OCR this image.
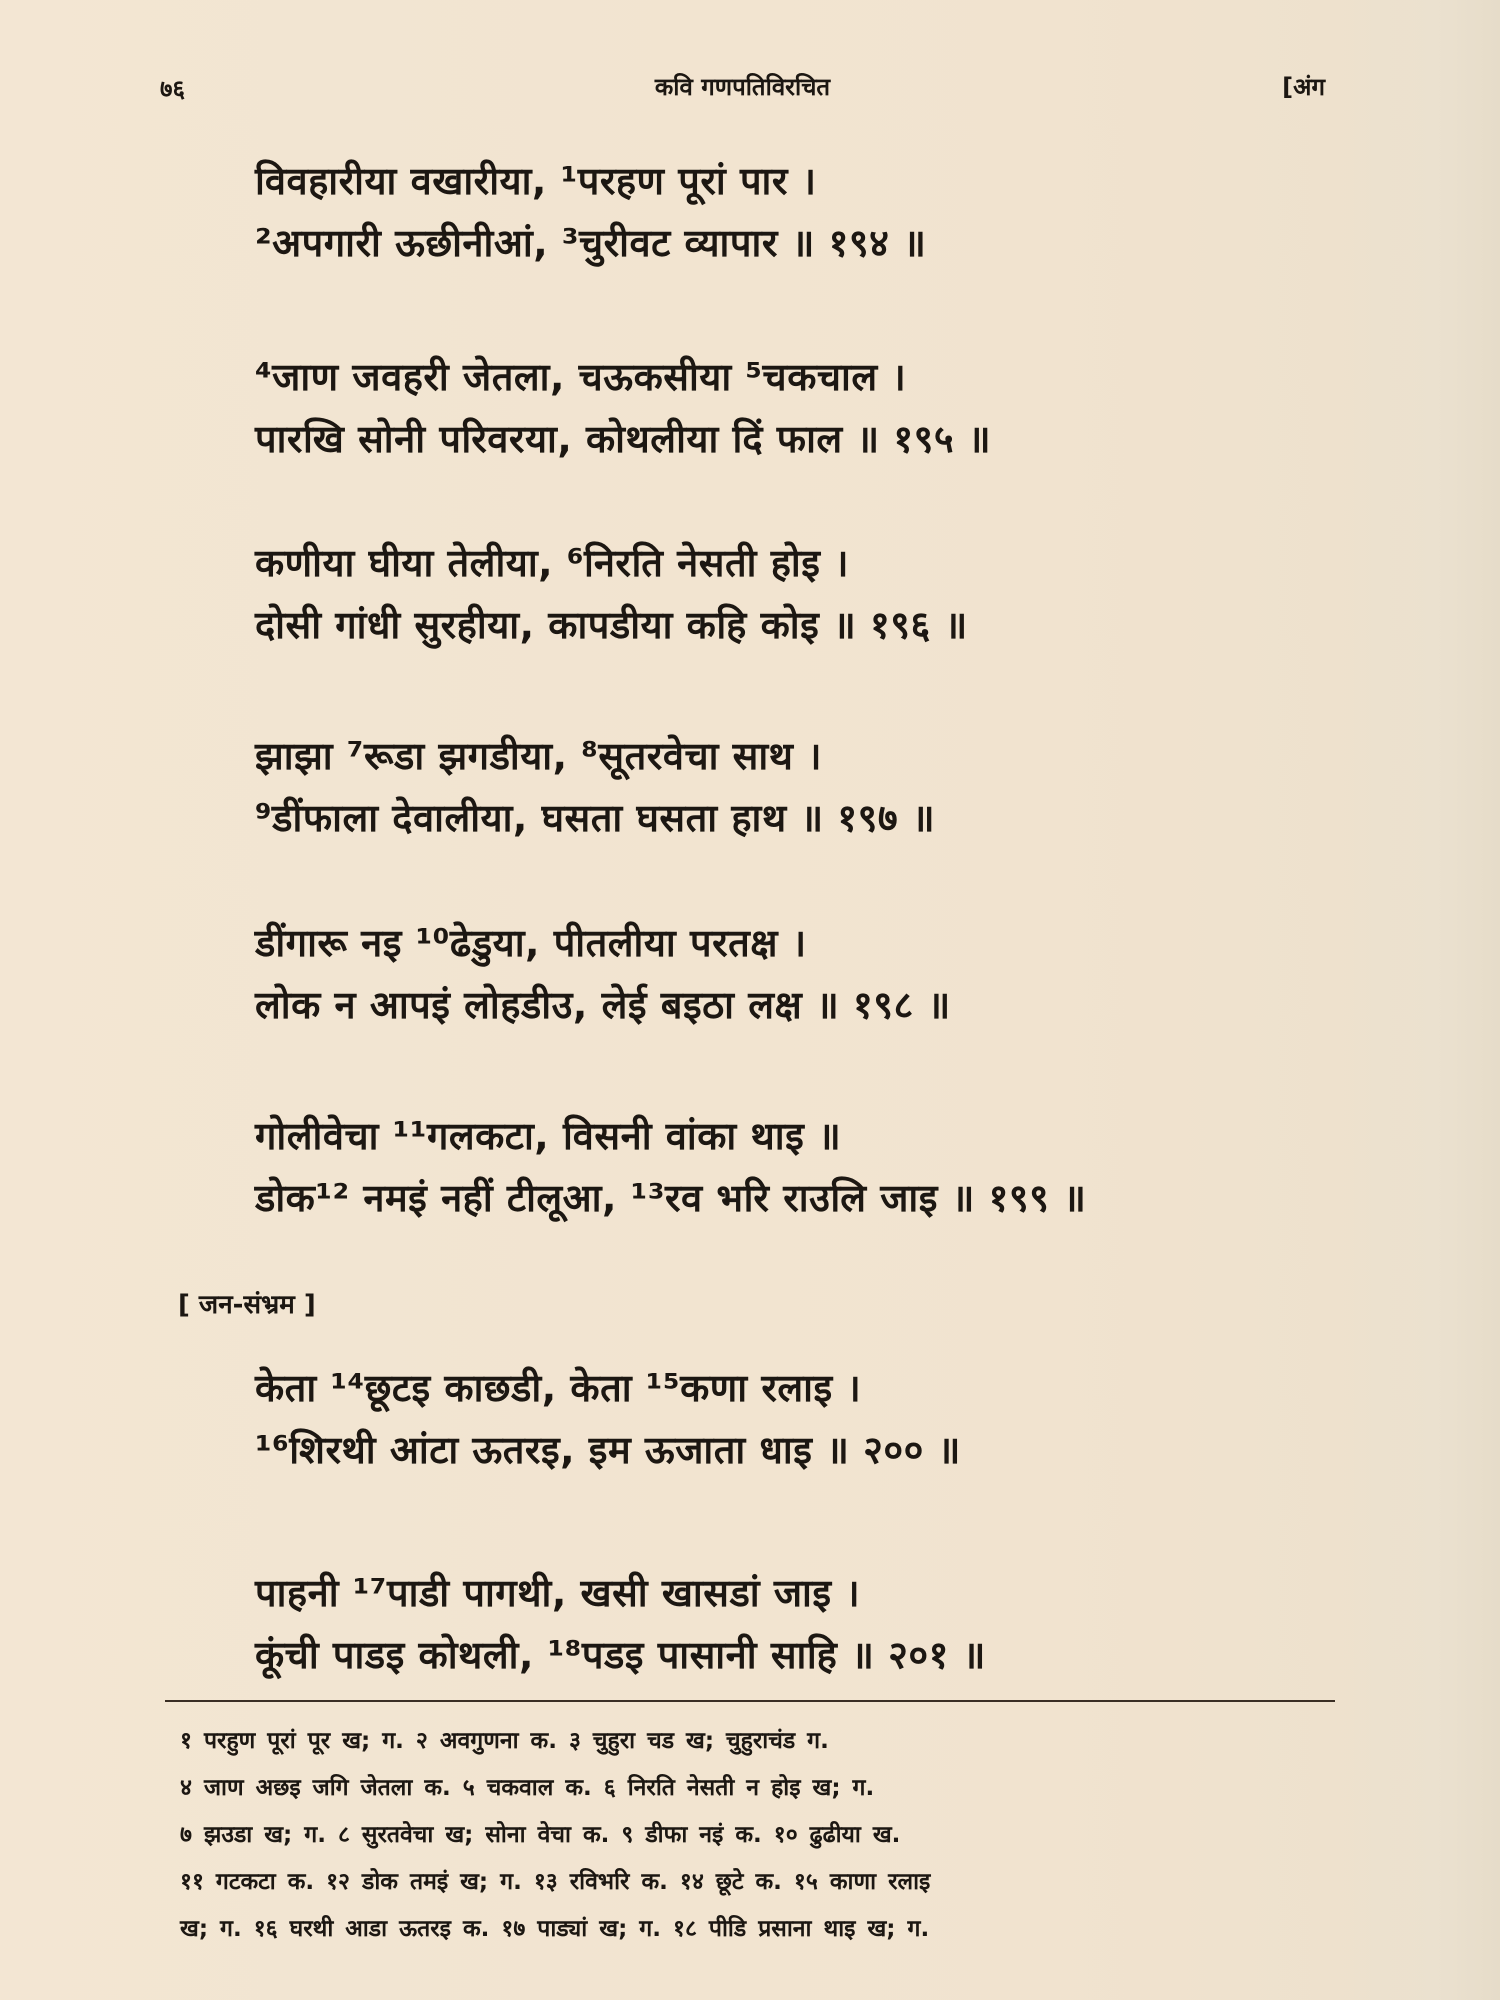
७६	कवि गणपतिविरचित	[अंग
विवहारीया वखारीया, ¹परहण पूरां पार ।
²अपगारी ऊछीनीआं, ³चुरीवट व्यापार ॥ १९४ ॥
⁴जाण जवहरी जेतला, चऊकसीया ⁵चकचाल ।
पारखि सोनी परिवरया, कोथलीया दिं फाल ॥ १९५ ॥
कणीया घीया तेलीया, ⁶निरति नेसती होइ ।
दोसी गांधी सुरहीया, कापडीया कहि कोइ ॥ १९६ ॥
झाझा ⁷रूडा झगडीया, ⁸सूतरवेचा साथ ।
⁹डींफाला देवालीया, घसता घसता हाथ ॥ १९७ ॥
डींगारू नइ ¹⁰ढेडुया, पीतलीया परतक्ष ।
लोक न आपइं लोहडीउ, लेई बइठा लक्ष ॥ १९८ ॥
गोलीवेचा ¹¹गलकटा, विसनी वांका थाइ ॥
डोक¹² नमइं नहीं टीलूआ, ¹³रव भरि राउलि जाइ ॥ १९९ ॥
[ जन-संभ्रम ]
केता ¹⁴छूटइ काछडी, केता ¹⁵कणा रलाइ ।
¹⁶शिरथी आंटा ऊतरइ, इम ऊजाता धाइ ॥ २०० ॥
पाहनी ¹⁷पाडी पागथी, खसी खासडां जाइ ।
कूंची पाडइ कोथली, ¹⁸पडइ पासानी साहि ॥ २०१ ॥
१ परहुण पूरां पूर ख; ग. २ अवगुणना क. ३ चुहुरा चड ख; चुहुराचंड ग.
४ जाण अछइ जगि जेतला क. ५ चकवाल क. ६ निरति नेसती न होइ ख; ग.
७ झउडा ख; ग. ८ सुरतवेचा ख; सोना वेचा क. ९ डीफा नइं क. १० ढुढीया ख.
११ गटकटा क. १२ डोक तमइं ख; ग. १३ रविभरि क. १४ छूटे क. १५ काणा रलाइ
ख; ग. १६ घरथी आडा ऊतरइ क. १७ पाड्यां ख; ग. १८ पीडि प्रसाना थाइ ख; ग.
